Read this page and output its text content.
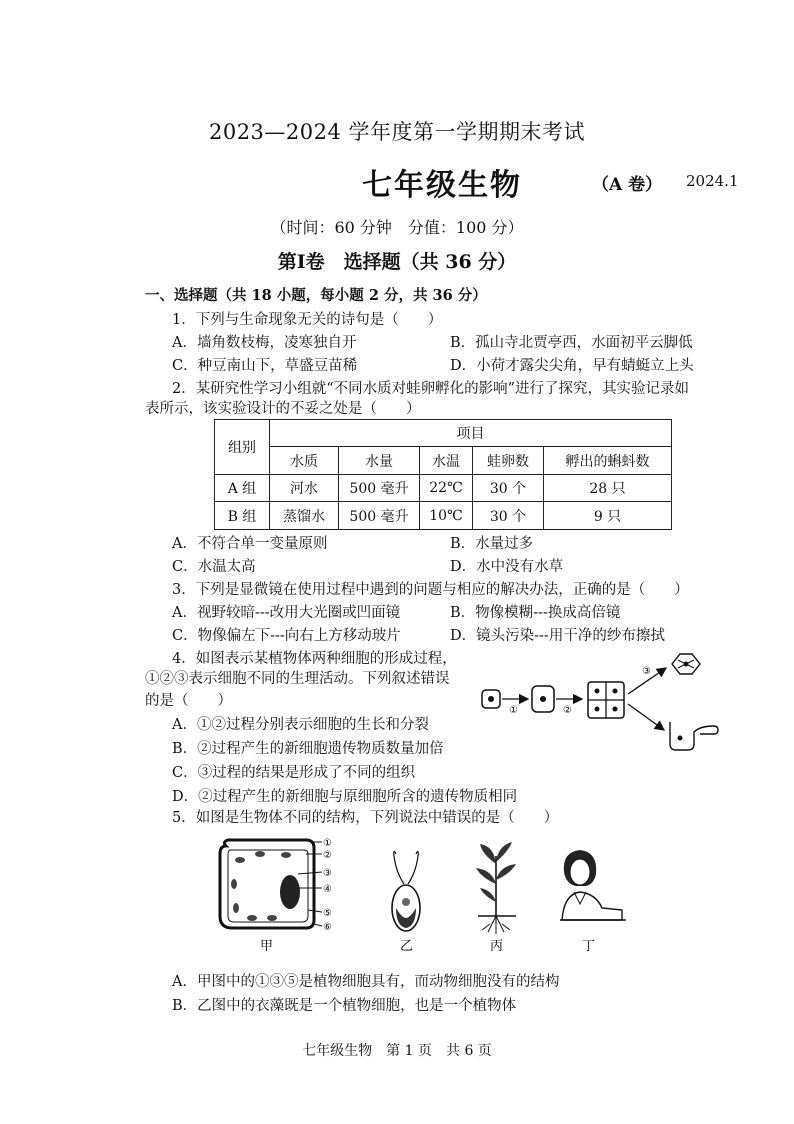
2023—2024 学年度第一学期期末考试
七年级生物	（A 卷） 2024.1
（时间：60 分钟　分值：100 分）
第Ⅰ卷　选择题（共 36 分）
一、选择题（共 18 小题，每小题 2 分，共 36 分）
1．下列与生命现象无关的诗句是（　　）
A．墙角数枝梅，凌寒独自开	B．孤山寺北贾亭西，水面初平云脚低
C．种豆南山下，草盛豆苗稀	D．小荷才露尖尖角，早有蜻蜓立上头
2．某研究性学习小组就“不同水质对蛙卵孵化的影响”进行了探究，其实验记录如
表所示，该实验设计的不妥之处是（　　）
组别	项目				
	水质	水量	水温	蛙卵数	孵出的蝌蚪数
A 组	河水	500 毫升	22℃	30 个	28 只
B 组	蒸馏水	500 毫升	10℃	30 个	9 只
A．不符合单一变量原则	B．水量过多
C．水温太高	D．水中没有水草
3．下列是显微镜在使用过程中遇到的问题与相应的解决办法，正确的是（　　）
A．视野较暗---改用大光圈或凹面镜	B．物像模糊---换成高倍镜
C．物像偏左下---向右上方移动玻片	D．镜头污染---用干净的纱布擦拭
4．如图表示某植物体两种细胞的形成过程，
①②③表示细胞不同的生理活动。下列叙述错误
的是（　　）
A．①②过程分别表示细胞的生长和分裂
B．②过程产生的新细胞遗传物质数量加倍
C．③过程的结果是形成了不同的组织
D．②过程产生的新细胞与原细胞所含的遗传物质相同
①	②
③
5．如图是生物体不同的结构，下列说法中错误的是（　　）
①
②
③
④
⑤
⑥
甲	乙	丙	丁
A．甲图中的①③⑤是植物细胞具有，而动物细胞没有的结构
B．乙图中的衣藻既是一个植物细胞，也是一个植物体
七年级生物　第 1 页　共 6 页
